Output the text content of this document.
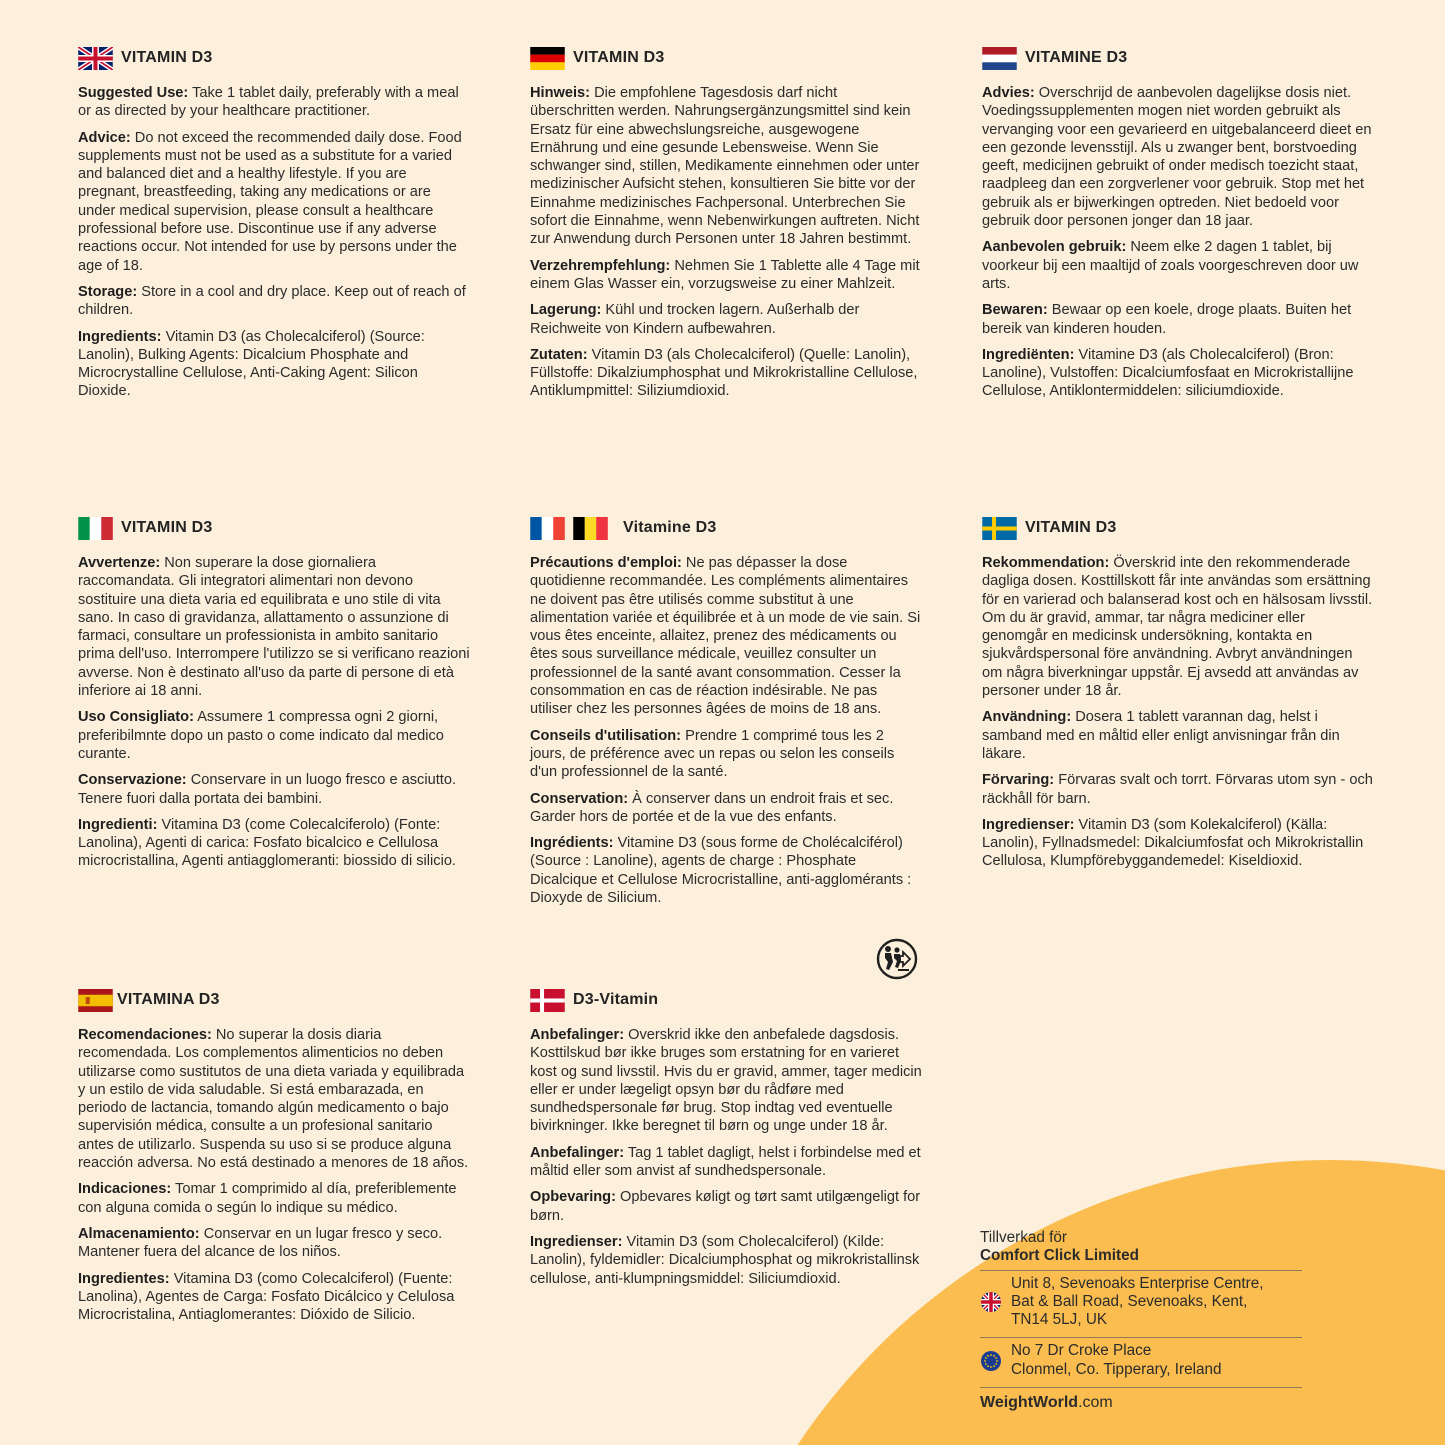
VITAMIN D3

Suggested Use: Take 1 tablet daily, preferably with a meal or as directed by your healthcare practitioner.

Advice: Do not exceed the recommended daily dose. Food supplements must not be used as a substitute for a varied and balanced diet and a healthy lifestyle. If you are pregnant, breastfeeding, taking any medications or are under medical supervision, please consult a healthcare professional before use. Discontinue use if any adverse reactions occur. Not intended for use by persons under the age of 18.

Storage: Store in a cool and dry place. Keep out of reach of children.

Ingredients: Vitamin D3 (as Cholecalciferol) (Source: Lanolin), Bulking Agents: Dicalcium Phosphate and Microcrystalline Cellulose, Anti-Caking Agent: Silicon Dioxide.

VITAMIN D3

Hinweis: Die empfohlene Tagesdosis darf nicht überschritten werden. Nahrungsergänzungsmittel sind kein Ersatz für eine abwechslungsreiche, ausgewogene Ernährung und eine gesunde Lebensweise. Wenn Sie schwanger sind, stillen, Medikamente einnehmen oder unter medizinischer Aufsicht stehen, konsultieren Sie bitte vor der Einnahme medizinisches Fachpersonal. Unterbrechen Sie sofort die Einnahme, wenn Nebenwirkungen auftreten. Nicht zur Anwendung durch Personen unter 18 Jahren bestimmt.

Verzehrempfehlung: Nehmen Sie 1 Tablette alle 4 Tage mit einem Glas Wasser ein, vorzugsweise zu einer Mahlzeit.

Lagerung: Kühl und trocken lagern. Außerhalb der Reichweite von Kindern aufbewahren.

Zutaten: Vitamin D3 (als Cholecalciferol) (Quelle: Lanolin), Füllstoffe: Dikalziumphosphat und Mikrokristalline Cellulose, Antiklumpmittel: Siliziumdioxid.

VITAMINE D3

Advies: Overschrijd de aanbevolen dagelijkse dosis niet. Voedingssupplementen mogen niet worden gebruikt als vervanging voor een gevarieerd en uitgebalanceerd dieet en een gezonde levensstijl. Als u zwanger bent, borstvoeding geeft, medicijnen gebruikt of onder medisch toezicht staat, raadpleeg dan een zorgverlener voor gebruik. Stop met het gebruik als er bijwerkingen optreden. Niet bedoeld voor gebruik door personen jonger dan 18 jaar.

Aanbevolen gebruik: Neem elke 2 dagen 1 tablet, bij voorkeur bij een maaltijd of zoals voorgeschreven door uw arts.

Bewaren: Bewaar op een koele, droge plaats. Buiten het bereik van kinderen houden.

Ingrediënten: Vitamine D3 (als Cholecalciferol) (Bron: Lanoline), Vulstoffen: Dicalciumfosfaat en Microkristallijne Cellulose, Antiklontermiddelen: siliciumdioxide.

VITAMIN D3

Avvertenze: Non superare la dose giornaliera raccomandata. Gli integratori alimentari non devono sostituire una dieta varia ed equilibrata e uno stile di vita sano. In caso di gravidanza, allattamento o assunzione di farmaci, consultare un professionista in ambito sanitario prima dell'uso. Interrompere l'utilizzo se si verificano reazioni avverse. Non è destinato all'uso da parte di persone di età inferiore ai 18 anni.

Uso Consigliato: Assumere 1 compressa ogni 2 giorni, preferibilmnte dopo un pasto o come indicato dal medico curante.

Conservazione: Conservare in un luogo fresco e asciutto. Tenere fuori dalla portata dei bambini.

Ingredienti: Vitamina D3 (come Colecalciferolo) (Fonte: Lanolina), Agenti di carica: Fosfato bicalcico e Cellulosa microcristallina, Agenti antiagglomeranti: biossido di silicio.

Vitamine D3

Précautions d'emploi: Ne pas dépasser la dose quotidienne recommandée. Les compléments alimentaires ne doivent pas être utilisés comme substitut à une alimentation variée et équilibrée et à un mode de vie sain. Si vous êtes enceinte, allaitez, prenez des médicaments ou êtes sous surveillance médicale, veuillez consulter un professionnel de la santé avant consommation. Cesser la consommation en cas de réaction indésirable. Ne pas utiliser chez les personnes âgées de moins de 18 ans.

Conseils d'utilisation: Prendre 1 comprimé tous les 2 jours, de préférence avec un repas ou selon les conseils d'un professionnel de la santé.

Conservation: À conserver dans un endroit frais et sec. Garder hors de portée et de la vue des enfants.

Ingrédients: Vitamine D3 (sous forme de Cholécalciférol) (Source : Lanoline), agents de charge : Phosphate Dicalcique et Cellulose Microcristalline, anti-agglomérants : Dioxyde de Silicium.

VITAMIN D3

Rekommendation: Överskrid inte den rekommenderade dagliga dosen. Kosttillskott får inte användas som ersättning för en varierad och balanserad kost och en hälsosam livsstil. Om du är gravid, ammar, tar några mediciner eller genomgår en medicinsk undersökning, kontakta en sjukvårdspersonal före användning. Avbryt användningen om några biverkningar uppstår. Ej avsedd att användas av personer under 18 år.

Användning: Dosera 1 tablett varannan dag, helst i samband med en måltid eller enligt anvisningar från din läkare.

Förvaring: Förvaras svalt och torrt. Förvaras utom syn - och räckhåll för barn.

Ingredienser: Vitamin D3 (som Kolekalciferol) (Källa: Lanolin), Fyllnadsmedel: Dikalciumfosfat och Mikrokristallin Cellulosa, Klumpförebyggandemedel: Kiseldioxid.

VITAMINA D3

Recomendaciones: No superar la dosis diaria recomendada. Los complementos alimenticios no deben utilizarse como sustitutos de una dieta variada y equilibrada y un estilo de vida saludable. Si está embarazada, en periodo de lactancia, tomando algún medicamento o bajo supervisión médica, consulte a un profesional sanitario antes de utilizarlo. Suspenda su uso si se produce alguna reacción adversa. No está destinado a menores de 18 años.

Indicaciones: Tomar 1 comprimido al día, preferiblemente con alguna comida o según lo indique su médico.

Almacenamiento: Conservar en un lugar fresco y seco. Mantener fuera del alcance de los niños.

Ingredientes: Vitamina D3 (como Colecalciferol) (Fuente: Lanolina), Agentes de Carga: Fosfato Dicálcico y Celulosa Microcristalina, Antiaglomerantes: Dióxido de Silicio.

D3-Vitamin

Anbefalinger: Overskrid ikke den anbefalede dagsdosis. Kosttilskud bør ikke bruges som erstatning for en varieret kost og sund livsstil. Hvis du er gravid, ammer, tager medicin eller er under lægeligt opsyn bør du rådføre med sundhedspersonale før brug. Stop indtag ved eventuelle bivirkninger. Ikke beregnet til børn og unge under 18 år.

Anbefalinger: Tag 1 tablet dagligt, helst i forbindelse med et måltid eller som anvist af sundhedspersonale.

Opbevaring: Opbevares køligt og tørt samt utilgængeligt for børn.

Ingredienser: Vitamin D3 (som Cholecalciferol) (Kilde: Lanolin), fyldemidler: Dicalciumphosphat og mikrokristallinsk cellulose, anti-klumpningsmiddel: Siliciumdioxid.

Tillverkad för
Comfort Click Limited
Unit 8, Sevenoaks Enterprise Centre,
Bat & Ball Road, Sevenoaks, Kent,
TN14 5LJ, UK
No 7 Dr Croke Place
Clonmel, Co. Tipperary, Ireland
WeightWorld.com
